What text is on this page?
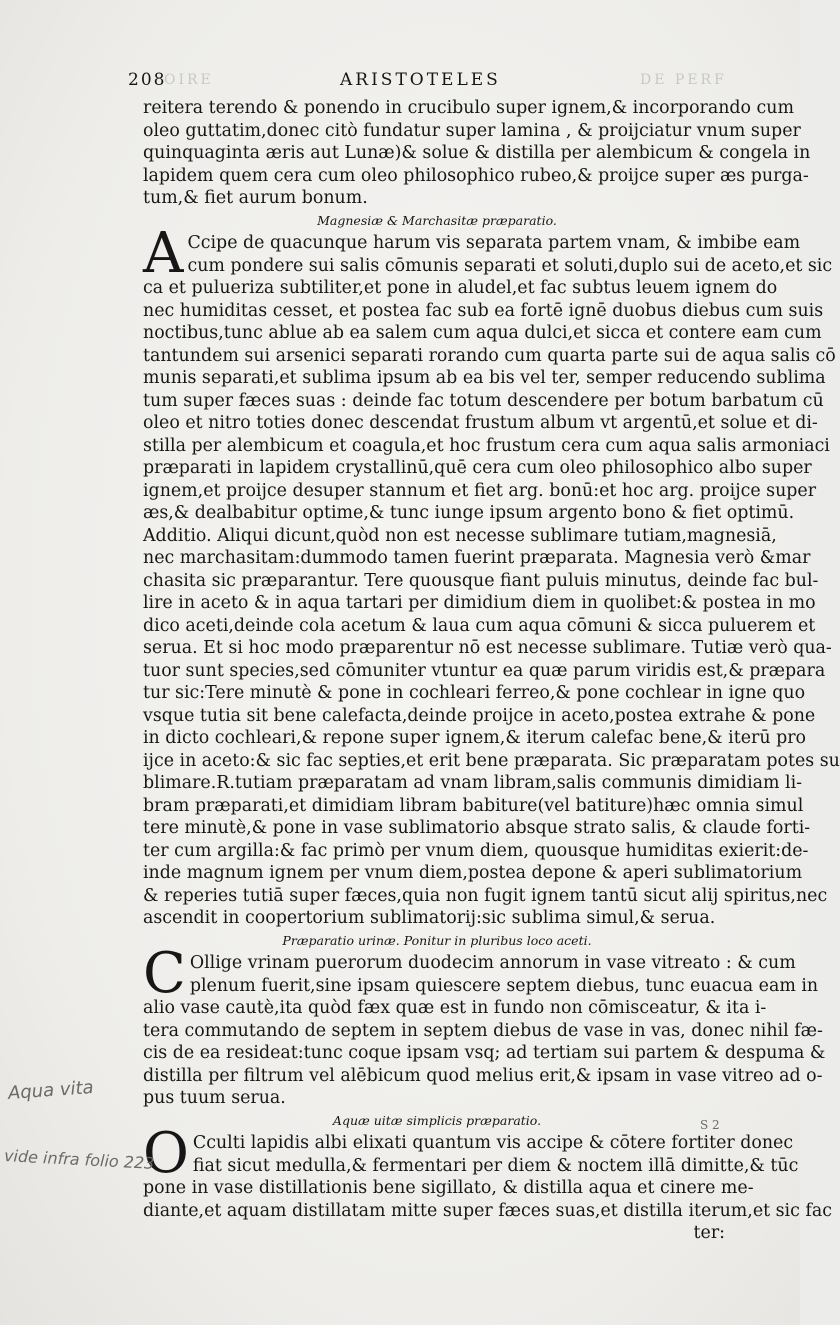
208
OIRE	ARISTOTELES	DE PERF
reitera terendo & ponendo in crucibulo super ignem,& incorporando cum
oleo guttatim,donec citò fundatur super lamina , & proijciatur vnum super
quinquaginta æris aut Lunæ)& solue & distilla per alembicum & congela in
lapidem quem cera cum oleo philosophico rubeo,& proijce super æs purga-
tum,& fiet aurum bonum.
Magnesiæ & Marchasitæ præparatio.
A Ccipe de quacunque harum vis separata partem vnam, & imbibe eam
cum pondere sui salis cōmunis separati et soluti,duplo sui de aceto,et sic
ca et pulueriza subtiliter,et pone in aludel,et fac subtus leuem ignem do
nec humiditas cesset, et postea fac sub ea fortē ignē duobus diebus cum suis
noctibus,tunc ablue ab ea salem cum aqua dulci,et sicca et contere eam cum
tantundem sui arsenici separati rorando cum quarta parte sui de aqua salis cō
munis separati,et sublima ipsum ab ea bis vel ter, semper reducendo sublima
tum super fæces suas : deinde fac totum descendere per botum barbatum cū
oleo et nitro toties donec descendat frustum album vt argentū,et solue et di-
stilla per alembicum et coagula,et hoc frustum cera cum aqua salis armoniaci
præparati in lapidem crystallinū,quē cera cum oleo philosophico albo super
ignem,et proijce desuper stannum et fiet arg. bonū:et hoc arg. proijce super
æs,& dealbabitur optime,& tunc iunge ipsum argento bono & fiet optimū.
Additio. Aliqui dicunt,quòd non est necesse sublimare tutiam,magnesiā,
nec marchasitam:dummodo tamen fuerint præparata. Magnesia verò &mar
chasita sic præparantur. Tere quousque fiant puluis minutus, deinde fac bul-
lire in aceto & in aqua tartari per dimidium diem in quolibet:& postea in mo
dico aceti,deinde cola acetum & laua cum aqua cōmuni & sicca puluerem et
serua. Et si hoc modo præparentur nō est necesse sublimare. Tutiæ verò qua-
tuor sunt species,sed cōmuniter vtuntur ea quæ parum viridis est,& prӕpara
tur sic:Tere minutè & pone in cochleari ferreo,& pone cochlear in igne quo
vsque tutia sit bene calefacta,deinde proijce in aceto,postea extrahe & pone
in dicto cochleari,& repone super ignem,& iterum calefac bene,& iterū pro
ijce in aceto:& sic fac septies,et erit bene præparata. Sic præparatam potes su
blimare.R.tutiam præparatam ad vnam libram,salis communis dimidiam li-
bram præparati,et dimidiam libram babiture(vel batiture)hæc omnia simul
tere minutè,& pone in vase sublimatorio absque strato salis, & claude forti-
ter cum argilla:& fac primò per vnum diem, quousque humiditas exierit:de-
inde magnum ignem per vnum diem,postea depone & aperi sublimatorium
& reperies tutiā super fæces,quia non fugit ignem tantū sicut alij spiritus,nec
ascendit in coopertorium sublimatorij:sic sublima simul,& serua.
Præparatio urinæ. Ponitur in pluribus loco aceti.
C Ollige vrinam puerorum duodecim annorum in vase vitreato : & cum
plenum fuerit,sine ipsam quiescere septem diebus, tunc euacua eam in
alio vase cautè,ita quòd fæx quæ est in fundo non cōmisceatur, & ita i-
tera commutando de septem in septem diebus de vase in vas, donec nihil fæ-
cis de ea resideat:tunc coque ipsam vsq; ad tertiam sui partem & despuma &
distilla per filtrum vel alēbicum quod melius erit,& ipsam in vase vitreo ad o-
pus tuum serua.
Aquæ uitæ simplicis præparatio.
O Cculti lapidis albi elixati quantum vis accipe & cōtere fortiter donec
fiat sicut medulla,& fermentari per diem & noctem illā dimitte,& tūc
pone in vase distillationis bene sigillato, & distilla aqua et cinere me-
diante,et aquam distillatam mitte super fæces suas,et distilla iterum,et sic fac
ter:
S 2
Aqua vita
vide infra folio 223
